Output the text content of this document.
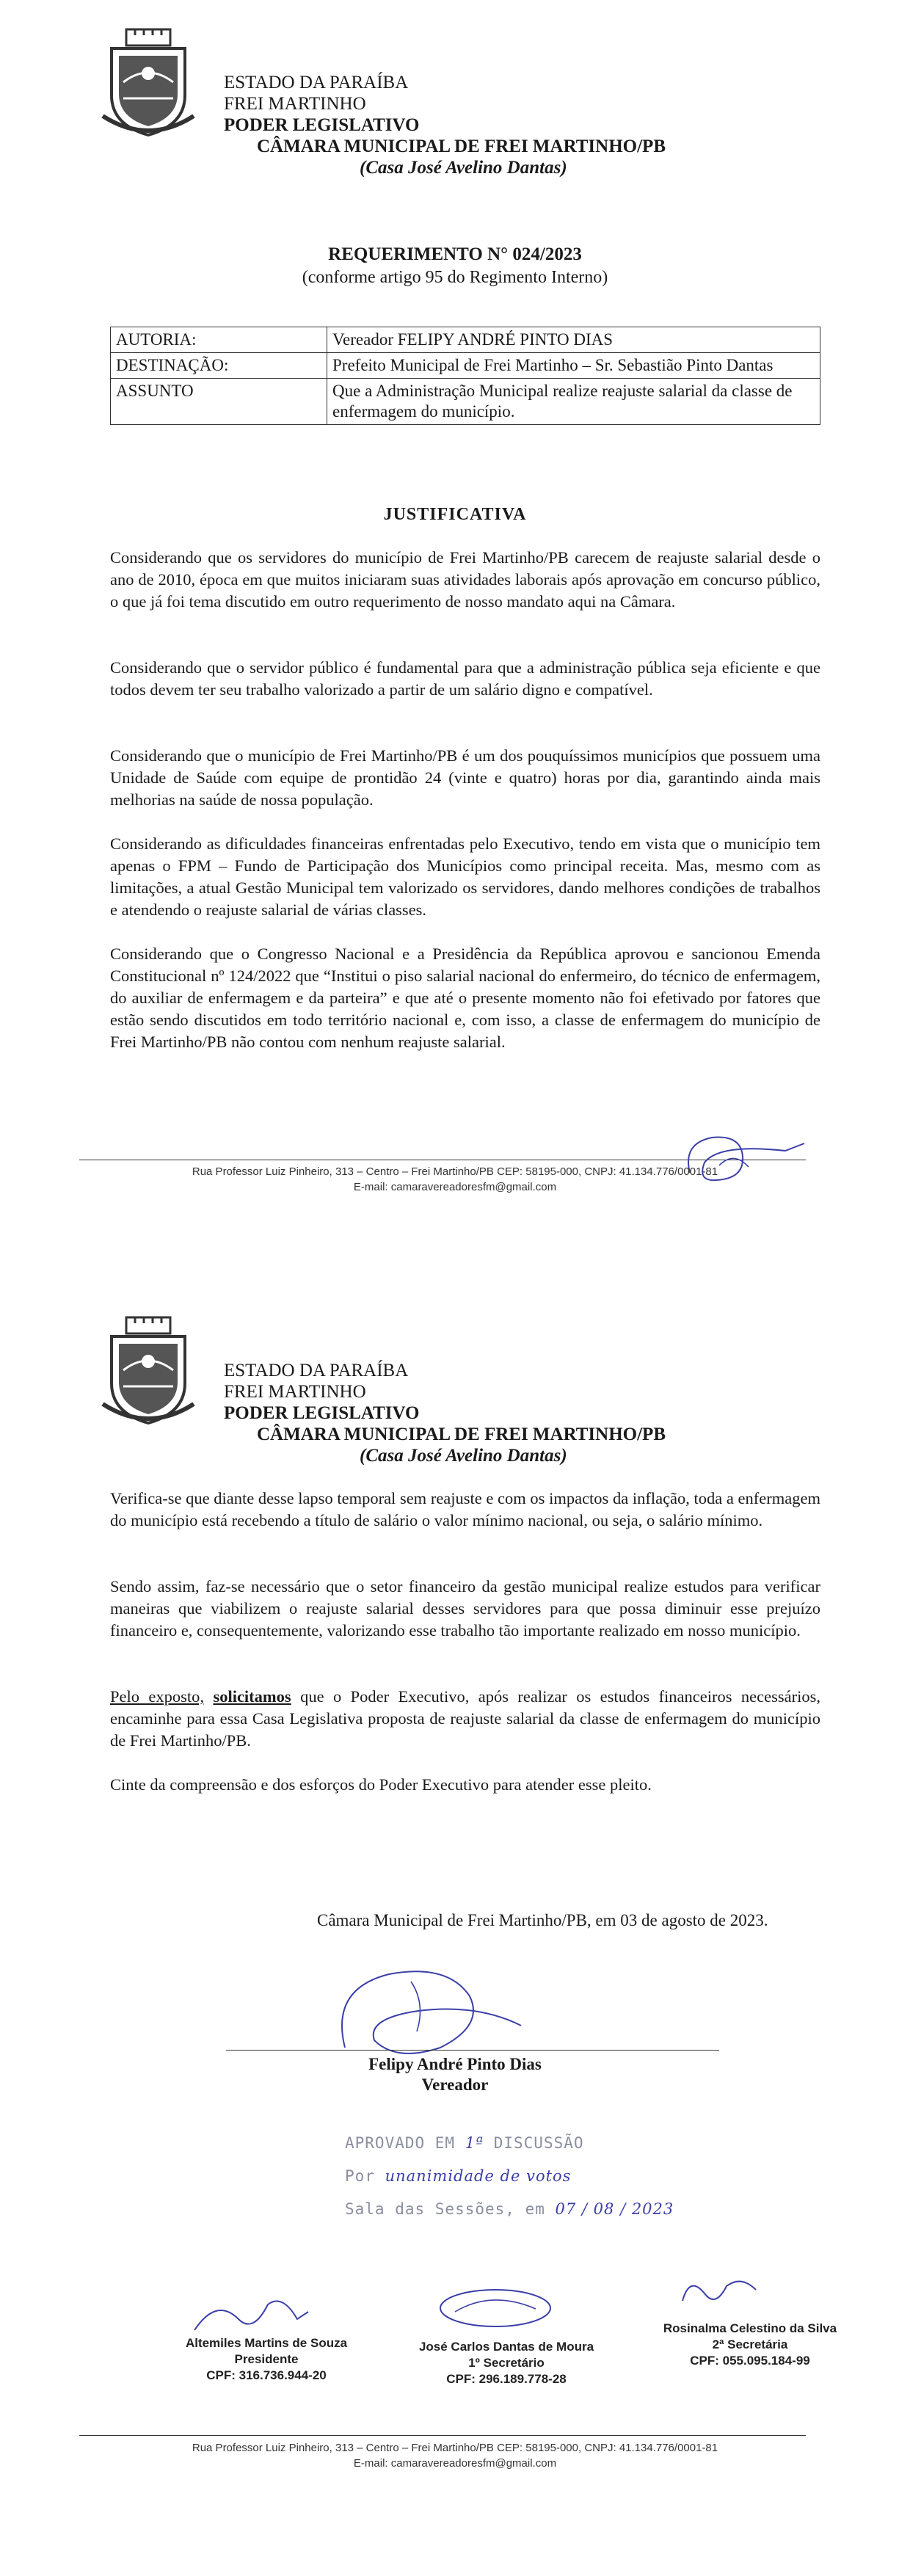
ESTADO DA PARAÍBA
FREI MARTINHO
PODER LEGISLATIVO
CÂMARA MUNICIPAL DE FREI MARTINHO/PB
(Casa José Avelino Dantas)
REQUERIMENTO N° 024/2023
(conforme artigo 95 do Regimento Interno)
AUTORIA:	Vereador FELIPY ANDRÉ PINTO DIAS
DESTINAÇÃO:	Prefeito Municipal de Frei Martinho – Sr. Sebastião Pinto Dantas
ASSUNTO	Que a Administração Municipal realize reajuste salarial da classe de enfermagem do município.
JUSTIFICATIVA

Considerando que os servidores do município de Frei Martinho/PB carecem de reajuste salarial desde o ano de 2010, época em que muitos iniciaram suas atividades laborais após aprovação em concurso público, o que já foi tema discutido em outro requerimento de nosso mandato aqui na Câmara.

Considerando que o servidor público é fundamental para que a administração pública seja eficiente e que todos devem ter seu trabalho valorizado a partir de um salário digno e compatível.

Considerando que o município de Frei Martinho/PB é um dos pouquíssimos municípios que possuem uma Unidade de Saúde com equipe de prontidão 24 (vinte e quatro) horas por dia, garantindo ainda mais melhorias na saúde de nossa população.

Considerando as dificuldades financeiras enfrentadas pelo Executivo, tendo em vista que o município tem apenas o FPM – Fundo de Participação dos Municípios como principal receita. Mas, mesmo com as limitações, a atual Gestão Municipal tem valorizado os servidores, dando melhores condições de trabalhos e atendendo o reajuste salarial de várias classes.

Considerando que o Congresso Nacional e a Presidência da República aprovou e sancionou Emenda Constitucional nº 124/2022 que “Institui o piso salarial nacional do enfermeiro, do técnico de enfermagem, do auxiliar de enfermagem e da parteira” e que até o presente momento não foi efetivado por fatores que estão sendo discutidos em todo território nacional e, com isso, a classe de enfermagem do município de Frei Martinho/PB não contou com nenhum reajuste salarial.

Rua Professor Luiz Pinheiro, 313 – Centro – Frei Martinho/PB CEP: 58195-000, CNPJ: 41.134.776/0001-81
E-mail: camaravereadoresfm@gmail.com
ESTADO DA PARAÍBA
FREI MARTINHO
PODER LEGISLATIVO
CÂMARA MUNICIPAL DE FREI MARTINHO/PB
(Casa José Avelino Dantas)

Verifica-se que diante desse lapso temporal sem reajuste e com os impactos da inflação, toda a enfermagem do município está recebendo a título de salário o valor mínimo nacional, ou seja, o salário mínimo.

Sendo assim, faz-se necessário que o setor financeiro da gestão municipal realize estudos para verificar maneiras que viabilizem o reajuste salarial desses servidores para que possa diminuir esse prejuízo financeiro e, consequentemente, valorizando esse trabalho tão importante realizado em nosso município.

Pelo exposto, solicitamos que o Poder Executivo, após realizar os estudos financeiros necessários, encaminhe para essa Casa Legislativa proposta de reajuste salarial da classe de enfermagem do município de Frei Martinho/PB.

Cinte da compreensão e dos esforços do Poder Executivo para atender esse pleito.

Câmara Municipal de Frei Martinho/PB, em 03 de agosto de 2023.
Felipy André Pinto Dias
Vereador
APROVADO EM 1ª DISCUSSÃO
Por unanimidade de votos
Sala das Sessões, em 07 / 08 / 2023
Altemiles Martins de Souza
Presidente
CPF: 316.736.944-20
José Carlos Dantas de Moura
1º Secretário
CPF: 296.189.778-28
Rosinalma Celestino da Silva
2ª Secretária
CPF: 055.095.184-99
Rua Professor Luiz Pinheiro, 313 – Centro – Frei Martinho/PB CEP: 58195-000, CNPJ: 41.134.776/0001-81
E-mail: camaravereadoresfm@gmail.com
